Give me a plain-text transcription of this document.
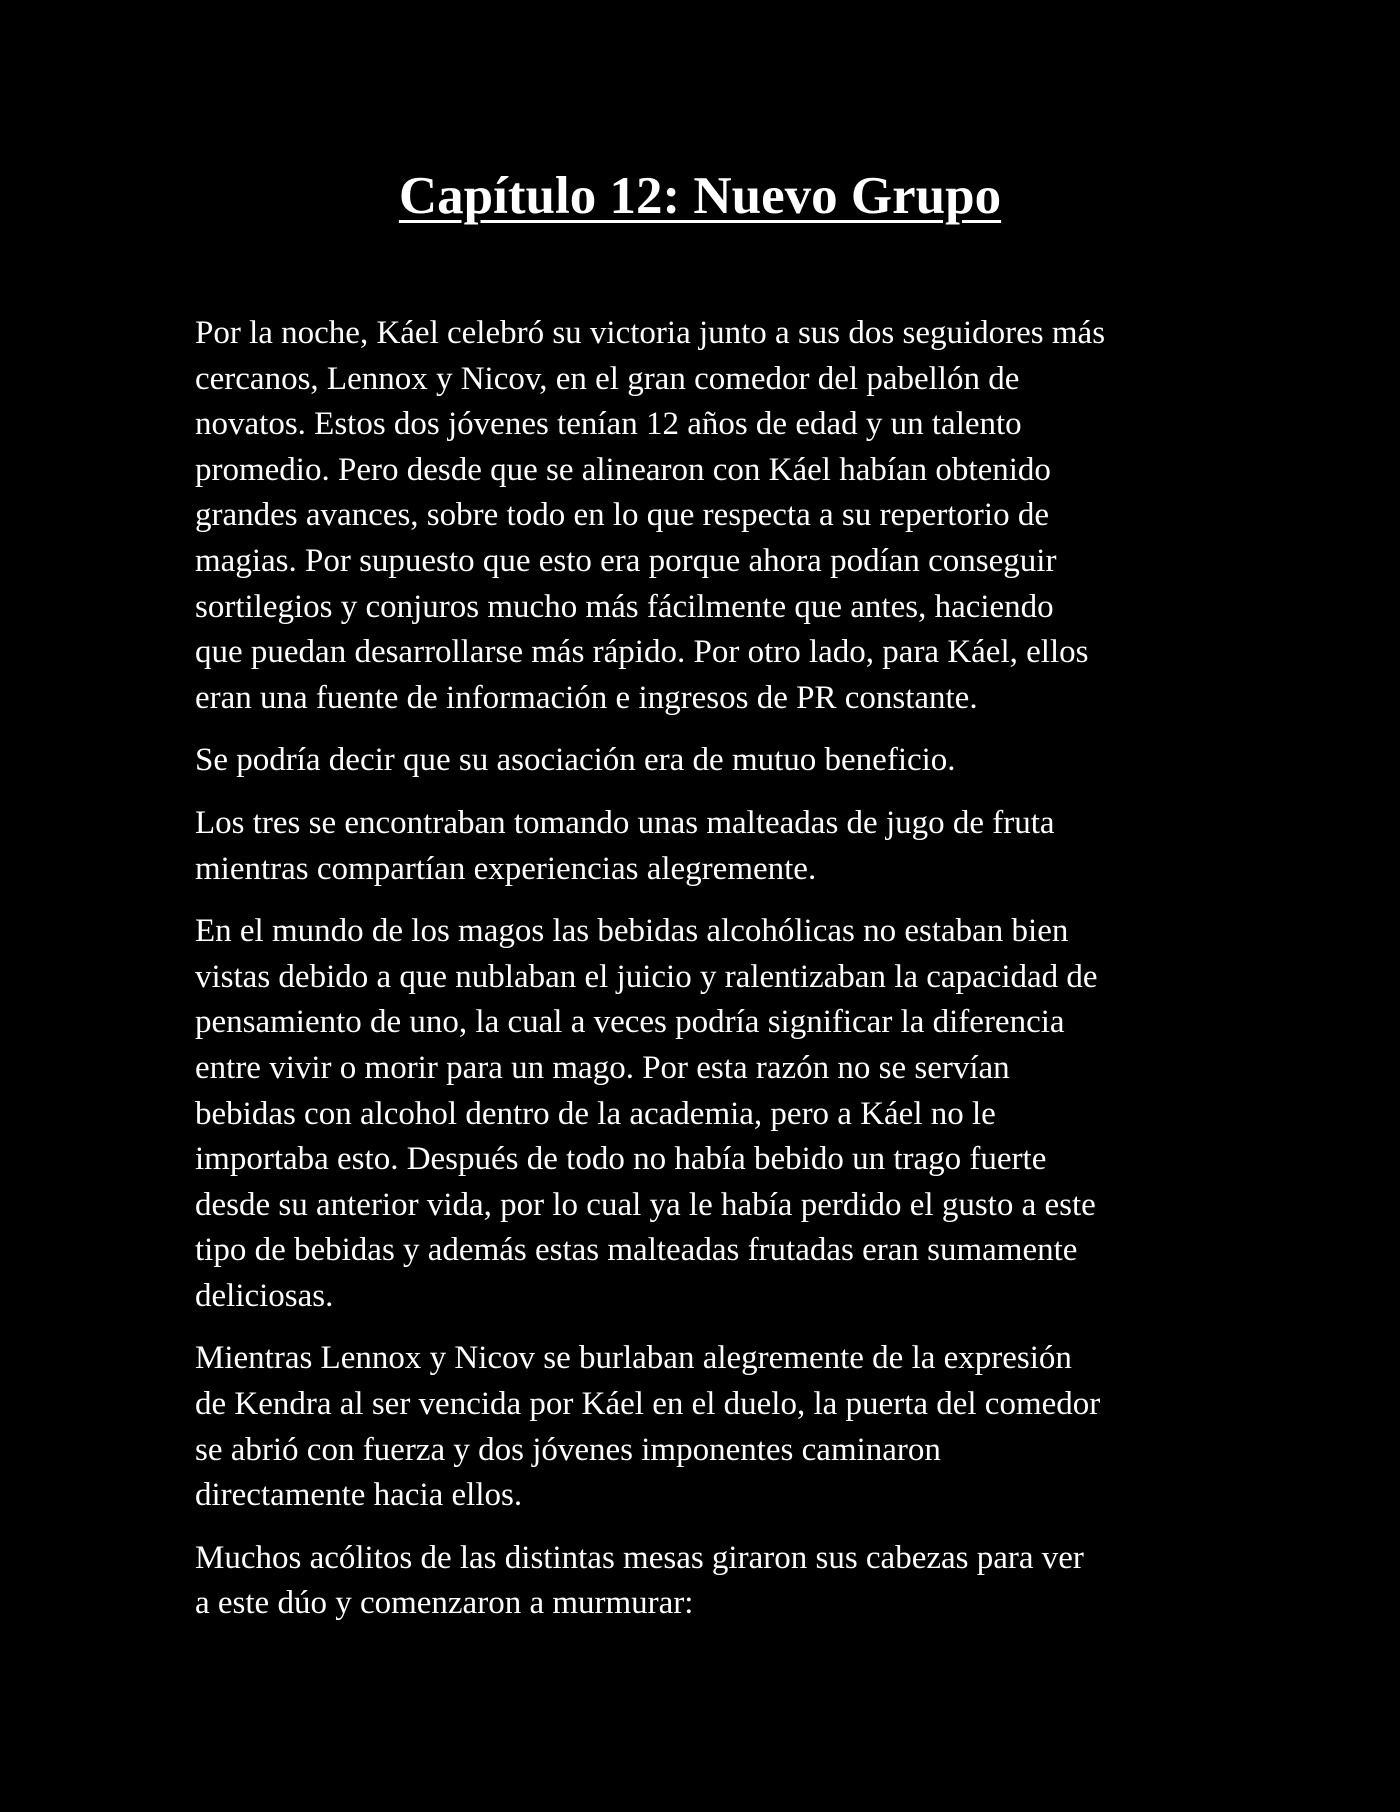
Capítulo 12: Nuevo Grupo

Por la noche, Káel celebró su victoria junto a sus dos seguidores más
cercanos, Lennox y Nicov, en el gran comedor del pabellón de
novatos. Estos dos jóvenes tenían 12 años de edad y un talento
promedio. Pero desde que se alinearon con Káel habían obtenido
grandes avances, sobre todo en lo que respecta a su repertorio de
magias. Por supuesto que esto era porque ahora podían conseguir
sortilegios y conjuros mucho más fácilmente que antes, haciendo
que puedan desarrollarse más rápido. Por otro lado, para Káel, ellos
eran una fuente de información e ingresos de PR constante.

Se podría decir que su asociación era de mutuo beneficio.

Los tres se encontraban tomando unas malteadas de jugo de fruta
mientras compartían experiencias alegremente.

En el mundo de los magos las bebidas alcohólicas no estaban bien
vistas debido a que nublaban el juicio y ralentizaban la capacidad de
pensamiento de uno, la cual a veces podría significar la diferencia
entre vivir o morir para un mago. Por esta razón no se servían
bebidas con alcohol dentro de la academia, pero a Káel no le
importaba esto. Después de todo no había bebido un trago fuerte
desde su anterior vida, por lo cual ya le había perdido el gusto a este
tipo de bebidas y además estas malteadas frutadas eran sumamente
deliciosas.

Mientras Lennox y Nicov se burlaban alegremente de la expresión
de Kendra al ser vencida por Káel en el duelo, la puerta del comedor
se abrió con fuerza y dos jóvenes imponentes caminaron
directamente hacia ellos.

Muchos acólitos de las distintas mesas giraron sus cabezas para ver
a este dúo y comenzaron a murmurar:
